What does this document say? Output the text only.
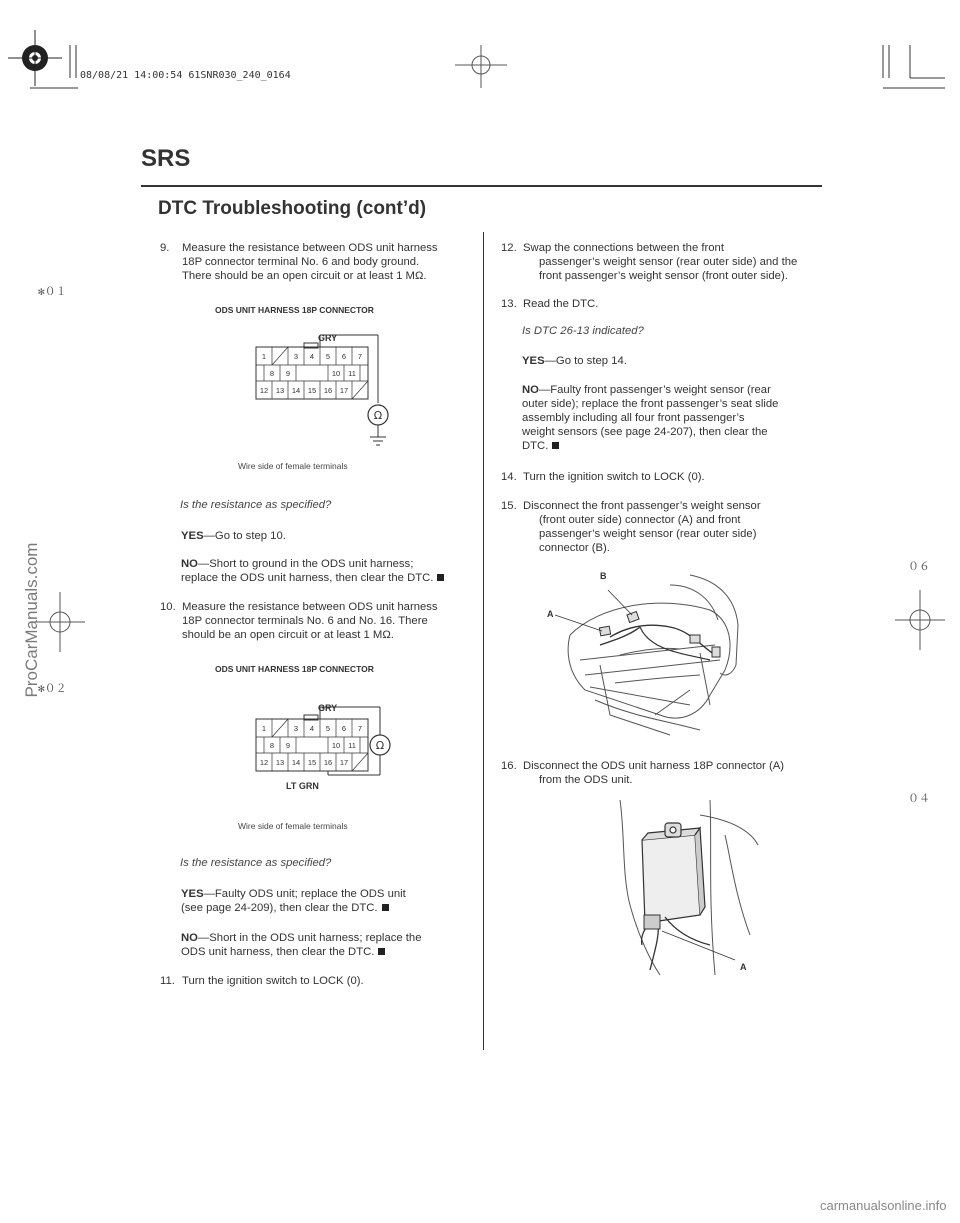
08/08/21 14:00:54 61SNR030_240_0164
✻０１
✻０２
０６
０４
ProCarManuals.com
carmanualsonline.info
SRS
DTC Troubleshooting (cont’d)
9. Measure the resistance between ODS unit harness
18P connector terminal No. 6 and body ground.
There should be an open circuit or at least 1 MΩ.
ODS UNIT HARNESS 18P CONNECTOR
GRY
1	3 4 5 6 7
8 9	10 11
12 13 14 15 16 17
Ω
Wire side of female terminals
Is the resistance as specified?
YES—Go to step 10.
NO—Short to ground in the ODS unit harness;
replace the ODS unit harness, then clear the DTC.
10. Measure the resistance between ODS unit harness
18P connector terminals No. 6 and No. 16. There
should be an open circuit or at least 1 MΩ.
ODS UNIT HARNESS 18P CONNECTOR
GRY
1	3 4 5 6 7
8 9	10 11
12 13 14 15 16 17
Ω
LT GRN
Wire side of female terminals
Is the resistance as specified?
YES—Faulty ODS unit; replace the ODS unit
(see page 24-209), then clear the DTC.
NO—Short in the ODS unit harness; replace the
ODS unit harness, then clear the DTC.
11. Turn the ignition switch to LOCK (0).
12. Swap the connections between the front
passenger’s weight sensor (rear outer side) and the
front passenger’s weight sensor (front outer side).
13. Read the DTC.
Is DTC 26-13 indicated?
YES—Go to step 14.
NO—Faulty front passenger’s weight sensor (rear
outer side); replace the front passenger’s seat slide
assembly including all four front passenger’s
weight sensors (see page 24-207), then clear the
DTC.
14. Turn the ignition switch to LOCK (0).
15. Disconnect the front passenger’s weight sensor
(front outer side) connector (A) and front
passenger’s weight sensor (rear outer side)
connector (B).
B
A
16. Disconnect the ODS unit harness 18P connector (A)
from the ODS unit.
A
